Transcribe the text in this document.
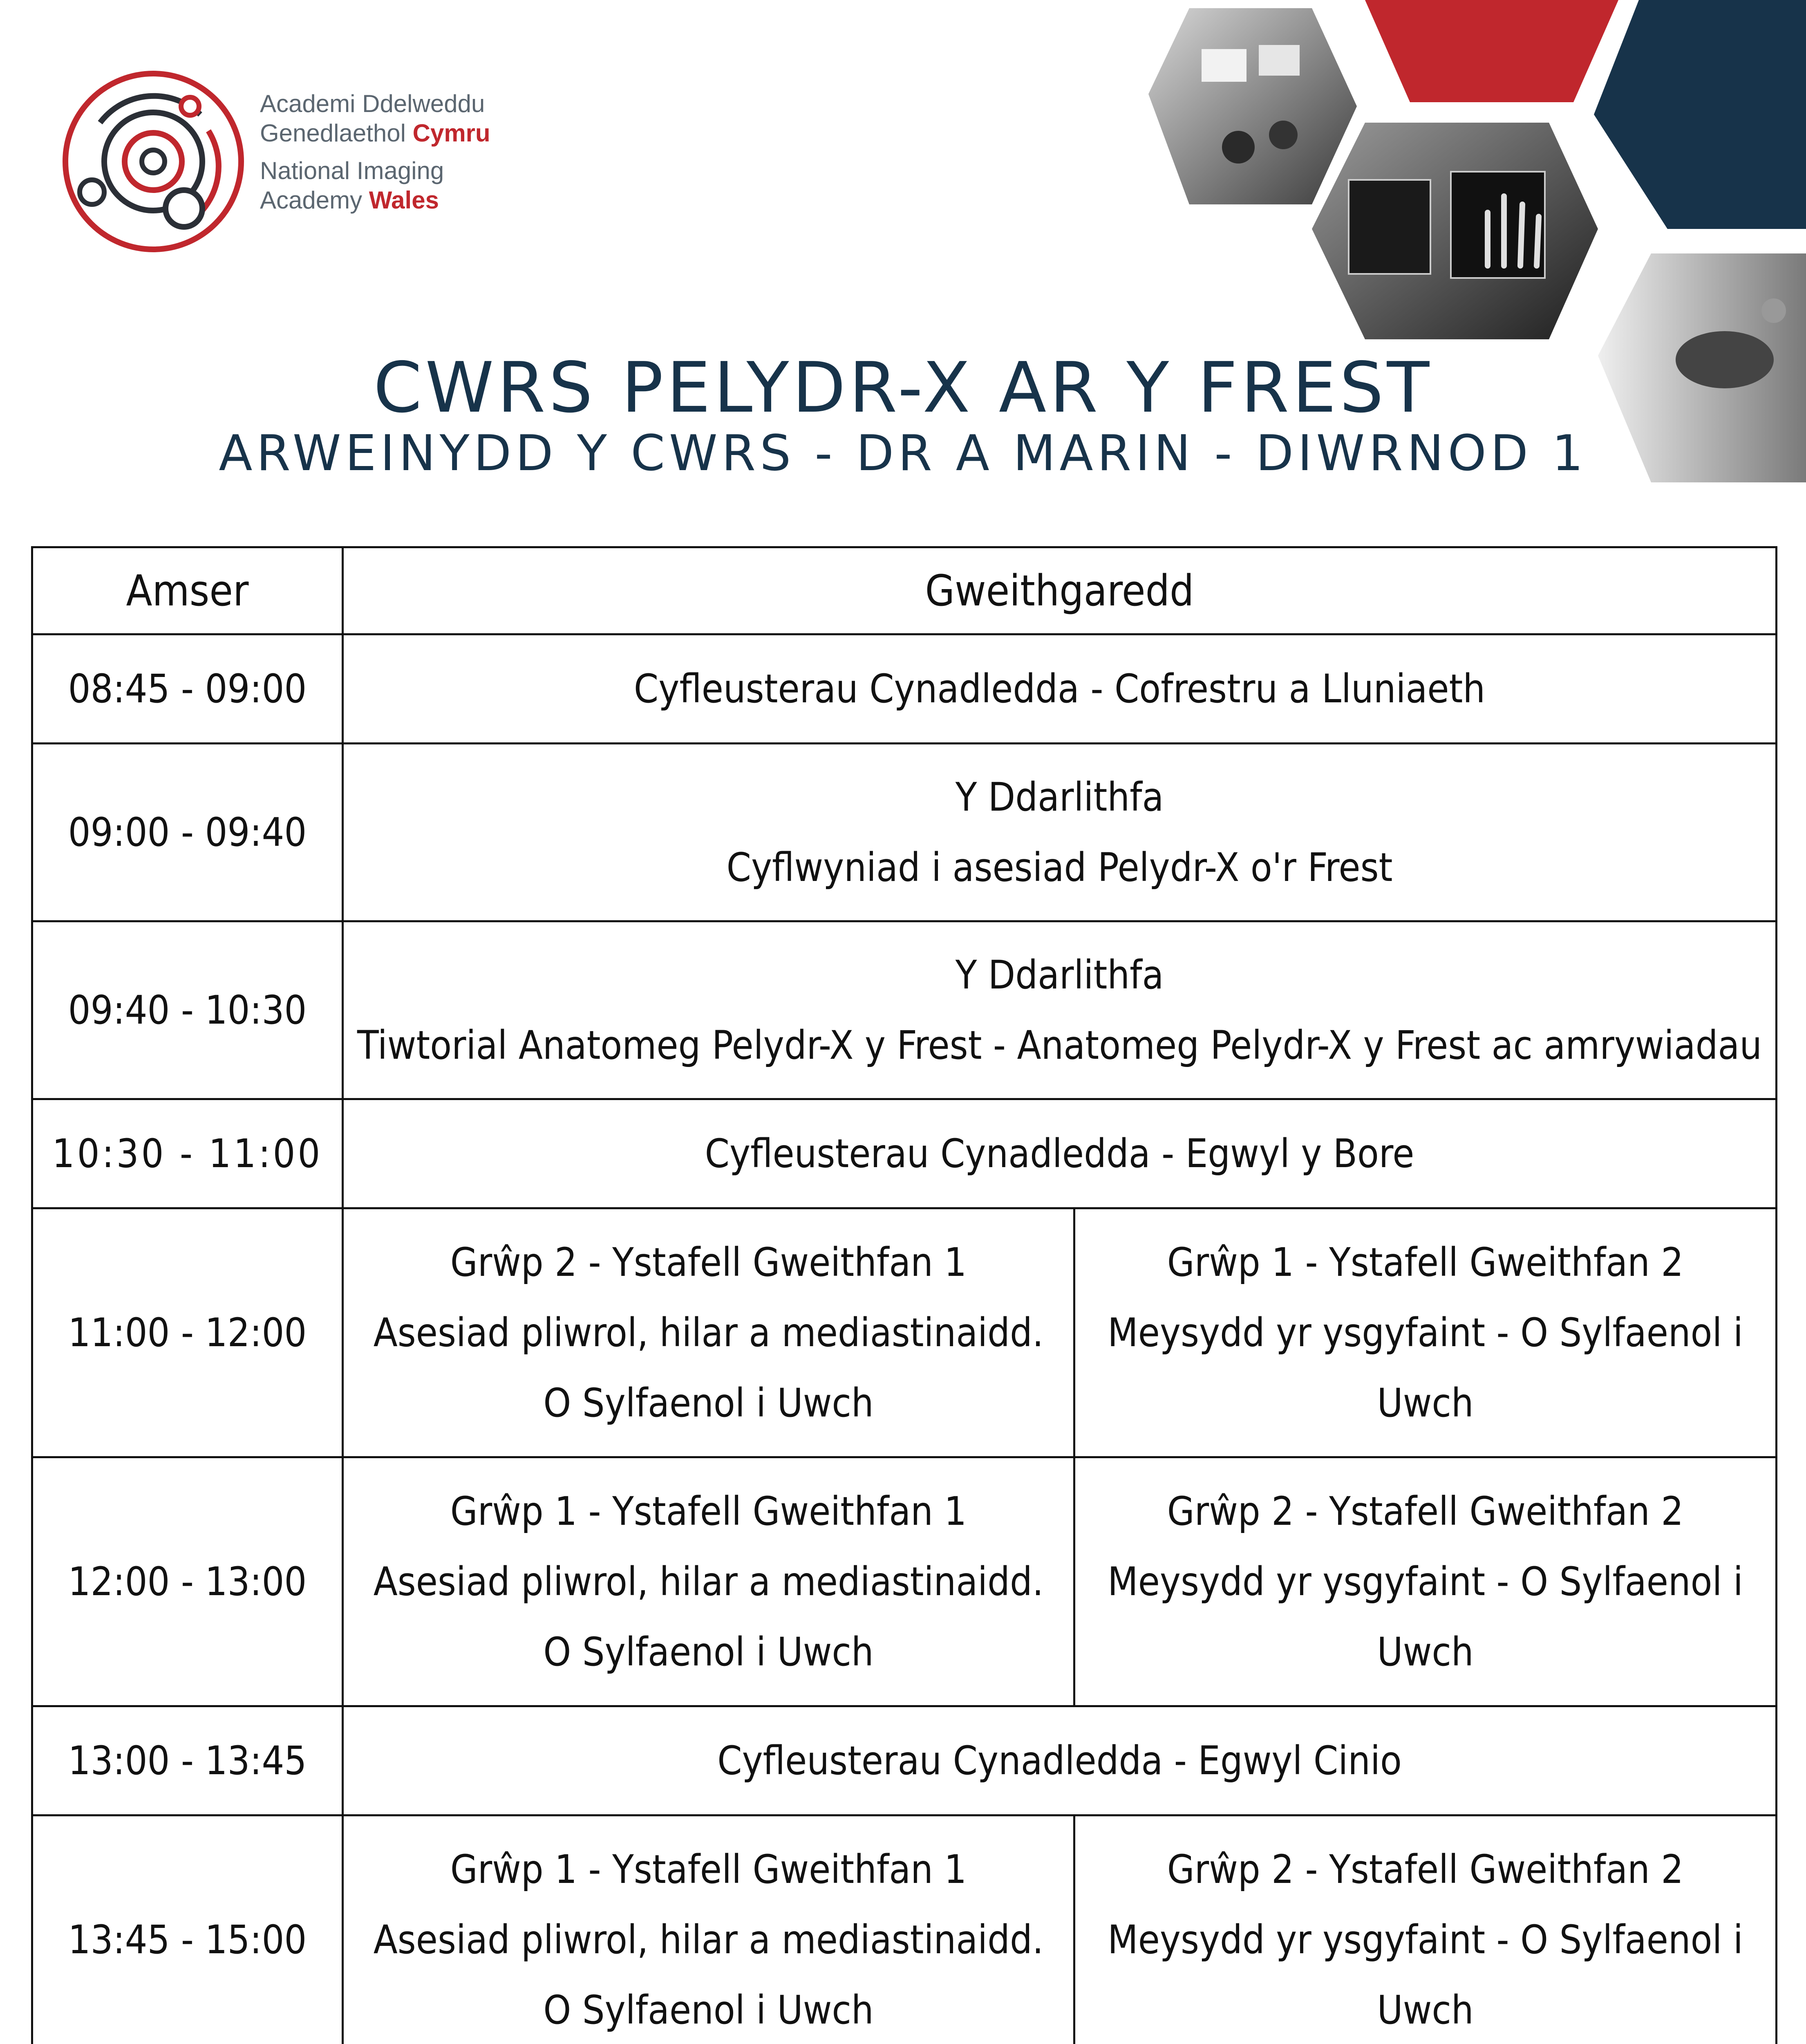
Academi Ddelweddu
Genedlaethol Cymru
National Imaging
Academy Wales
CWRS PELYDR-X AR Y FREST
ARWEINYDD Y CWRS - DR A MARIN - DIWRNOD 1
Amser	Gweithgaredd	
08:45 - 09:00	Cyfleusterau Cynadledda - Cofrestru a Lluniaeth	
09:00 - 09:40	Y Ddarlithfa
Cyflwyniad i asesiad Pelydr-X o'r Frest	

09:40 - 10:30	Y Ddarlithfa
Tiwtorial Anatomeg Pelydr-X y Frest - Anatomeg Pelydr-X y Frest ac amrywiadau	

10:30 - 11:00	Cyfleusterau Cynadledda - Egwyl y Bore	
11:00 - 12:00	Grŵp 2 - Ystafell Gweithfan 1
Asesiad pliwrol, hilar a mediastinaidd.
O Sylfaenol i Uwch	Grŵp 1 - Ystafell Gweithfan 2
Meysydd yr ysgyfaint - O Sylfaenol i
Uwch

12:00 - 13:00	Grŵp 1 - Ystafell Gweithfan 1
Asesiad pliwrol, hilar a mediastinaidd.
O Sylfaenol i Uwch	Grŵp 2 - Ystafell Gweithfan 2
Meysydd yr ysgyfaint - O Sylfaenol i
Uwch

13:00 - 13:45	Cyfleusterau Cynadledda - Egwyl Cinio	
13:45 - 15:00	Grŵp 1 - Ystafell Gweithfan 1
Asesiad pliwrol, hilar a mediastinaidd.
O Sylfaenol i Uwch	Grŵp 2 - Ystafell Gweithfan 2
Meysydd yr ysgyfaint - O Sylfaenol i
Uwch
